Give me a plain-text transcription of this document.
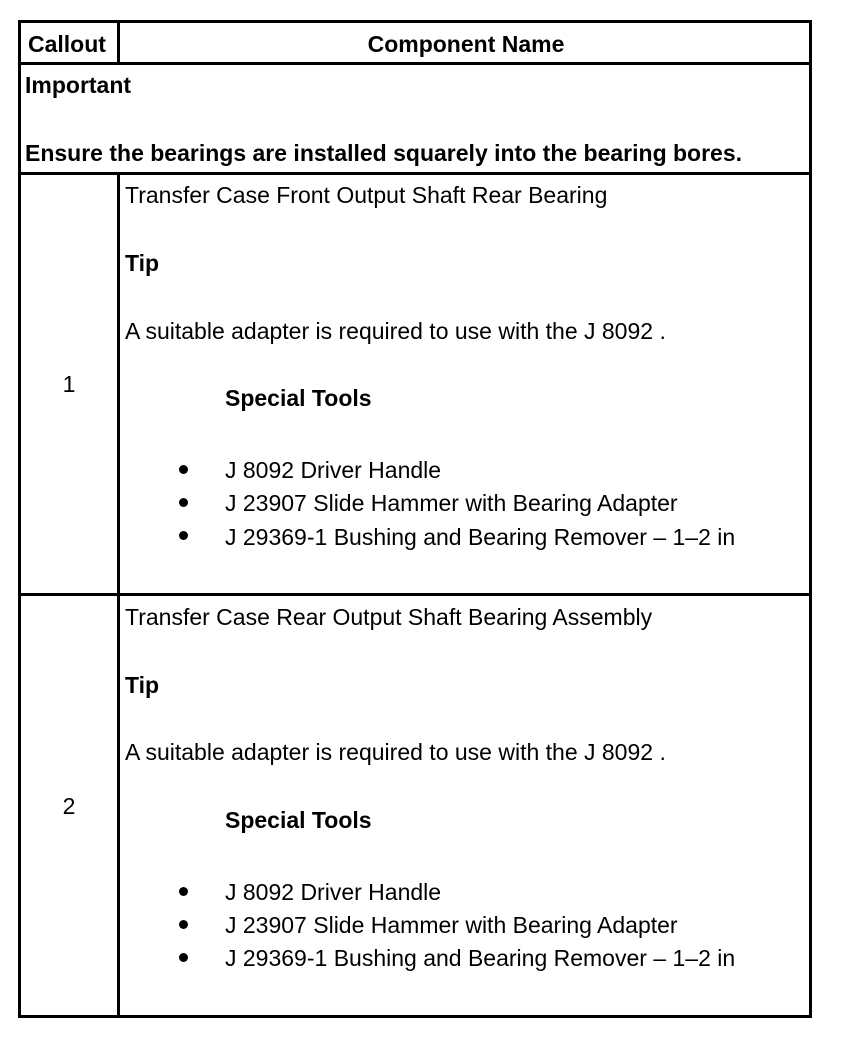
Callout	Component Name
Important
Ensure the bearings are installed squarely into the bearing bores.
1
Transfer Case Front Output Shaft Rear Bearing
Tip
A suitable adapter is required to use with the J 8092 .
Special Tools
J 8092 Driver Handle
J 23907 Slide Hammer with Bearing Adapter
J 29369-1 Bushing and Bearing Remover – 1–2 in
2
Transfer Case Rear Output Shaft Bearing Assembly
Tip
A suitable adapter is required to use with the J 8092 .
Special Tools
J 8092 Driver Handle
J 23907 Slide Hammer with Bearing Adapter
J 29369-1 Bushing and Bearing Remover – 1–2 in
